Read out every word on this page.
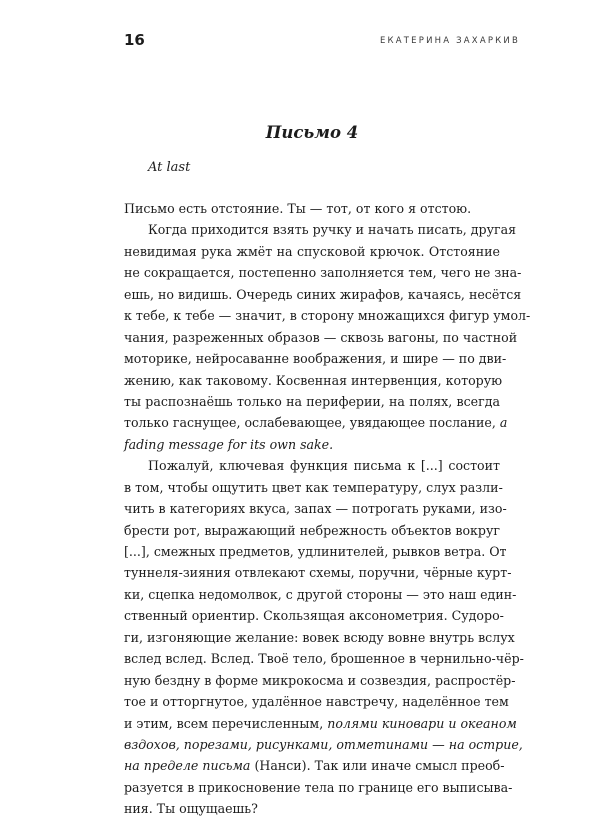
16	ЕКАТЕРИНА ЗАХАРКИВ
Письмо 4
At last
Письмо есть отстояние. Ты — тот, от кого я отстою.
Когда приходится взять ручку и начать писать, другая
невидимая рука жмёт на спусковой крючок. Отстояние
не сокращается, постепенно заполняется тем, чего не зна-
ешь, но видишь. Очередь синих жирафов, качаясь, несётся
к тебе, к тебе — значит, в сторону множащихся фигур умол-
чания, разреженных образов — сквозь вагоны, по частной
моторике, нейросаванне воображения, и шире — по дви-
жению, как таковому. Косвенная интервенция, которую
ты распознаёшь только на периферии, на полях, всегда
только гаснущее, ослабевающее, увядающее послание, a
fading message for its own sake.
Пожалуй, ключевая функция письма к [...] состоит
в том, чтобы ощутить цвет как температуру, слух разли-
чить в категориях вкуса, запах — потрогать руками, изо-
брести рот, выражающий небрежность объектов вокруг
[...], смежных предметов, удлинителей, рывков ветра. От
туннеля-зияния отвлекают схемы, поручни, чёрные курт-
ки, сцепка недомолвок, с другой стороны — это наш един-
ственный ориентир. Скользящая аксонометрия. Судоро-
ги, изгоняющие желание: вовек всюду вовне внутрь вслух
вслед вслед. Вслед. Твоё тело, брошенное в чернильно-чёр-
ную бездну в форме микрокосма и созвездия, распростёр-
тое и отторгнутое, удалённое навстречу, наделённое тем
и этим, всем перечисленным, полями киновари и океаном
вздохов, порезами, рисунками, отметинами — на острие,
на пределе письма (Нанси). Так или иначе смысл преоб-
разуется в прикосновение тела по границе его выписыва-
ния. Ты ощущаешь?
